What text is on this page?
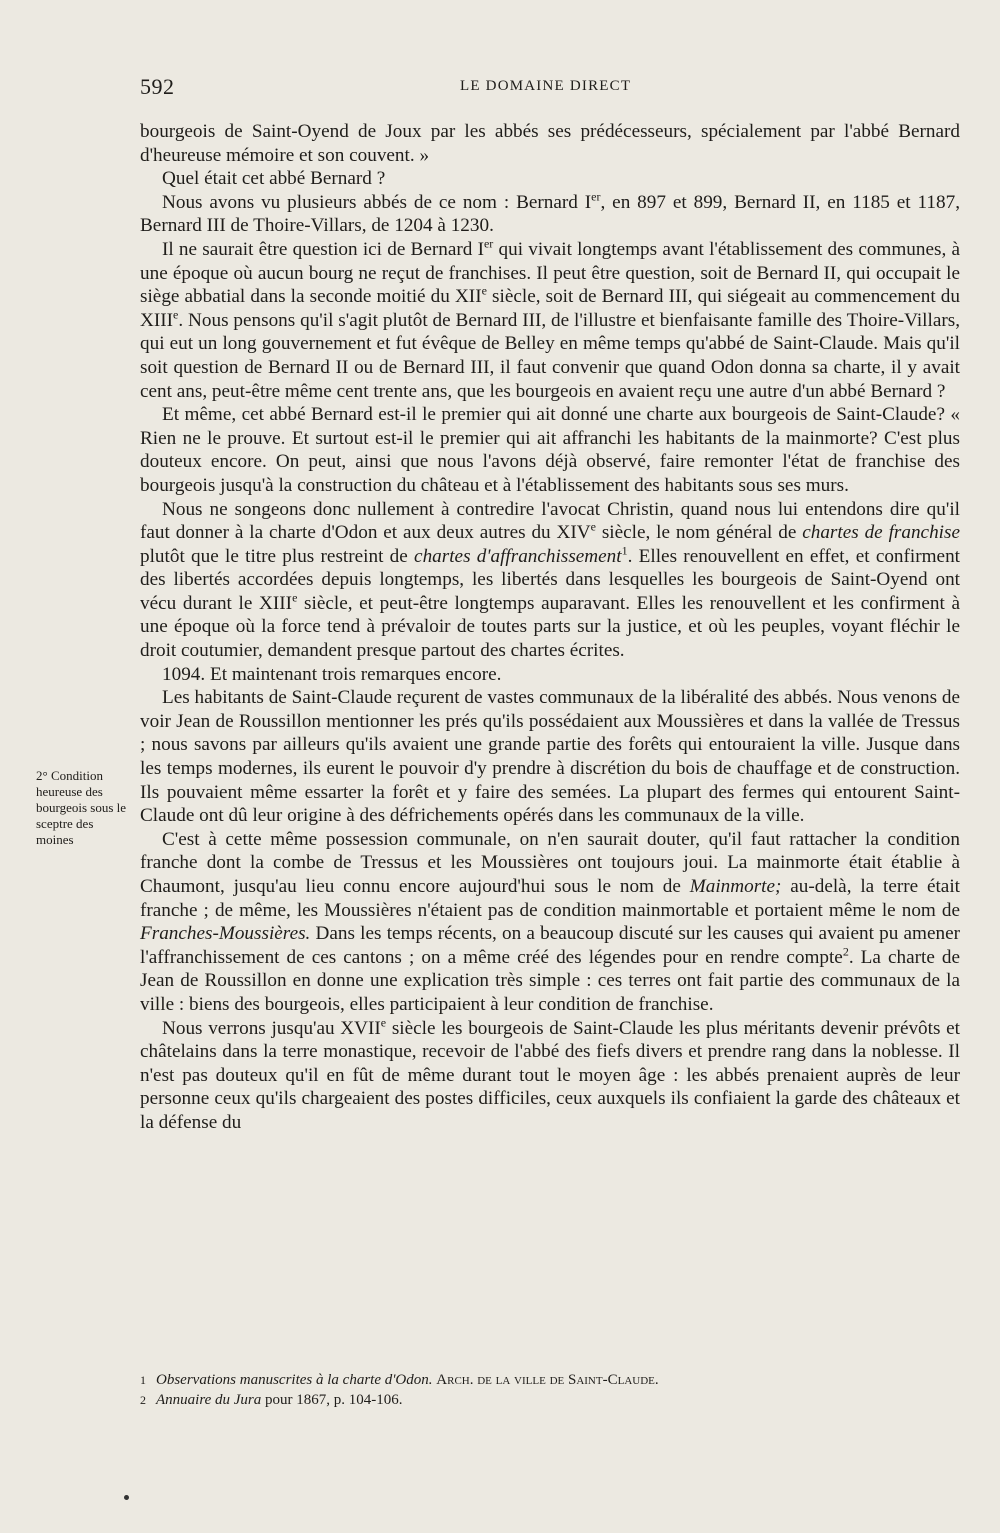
592	LE DOMAINE DIRECT

bourgeois de Saint-Oyend de Joux par les abbés ses prédécesseurs, spécialement par l'abbé Bernard d'heureuse mémoire et son couvent. »

Quel était cet abbé Bernard ?

Nous avons vu plusieurs abbés de ce nom : Bernard Ier, en 897 et 899, Bernard II, en 1185 et 1187, Bernard III de Thoire-Villars, de 1204 à 1230.

Il ne saurait être question ici de Bernard Ier qui vivait longtemps avant l'établissement des communes, à une époque où aucun bourg ne reçut de franchises. Il peut être question, soit de Bernard II, qui occupait le siège abbatial dans la seconde moitié du XIIe siècle, soit de Bernard III, qui siégeait au commencement du XIIIe. Nous pensons qu'il s'agit plutôt de Bernard III, de l'illustre et bienfaisante famille des Thoire-Villars, qui eut un long gouvernement et fut évêque de Belley en même temps qu'abbé de Saint-Claude. Mais qu'il soit question de Bernard II ou de Bernard III, il faut convenir que quand Odon donna sa charte, il y avait cent ans, peut-être même cent trente ans, que les bourgeois en avaient reçu une autre d'un abbé Bernard ?

Et même, cet abbé Bernard est-il le premier qui ait donné une charte aux bourgeois de Saint-Claude? « Rien ne le prouve. Et surtout est-il le premier qui ait affranchi les habitants de la mainmorte? C'est plus douteux encore. On peut, ainsi que nous l'avons déjà observé, faire remonter l'état de franchise des bourgeois jusqu'à la construction du château et à l'établissement des habitants sous ses murs.

Nous ne songeons donc nullement à contredire l'avocat Christin, quand nous lui entendons dire qu'il faut donner à la charte d'Odon et aux deux autres du XIVe siècle, le nom général de chartes de franchise plutôt que le titre plus restreint de chartes d'affranchissement$^1$. Elles renouvellent en effet, et confirment des libertés accordées depuis longtemps, les libertés dans lesquelles les bourgeois de Saint-Oyend ont vécu durant le XIIIe siècle, et peut-être longtemps auparavant. Elles les renouvellent et les confirment à une époque où la force tend à prévaloir de toutes parts sur la justice, et où les peuples, voyant fléchir le droit coutumier, demandent presque partout des chartes écrites.

1094. Et maintenant trois remarques encore.

Les habitants de Saint-Claude reçurent de vastes communaux de la libéralité des abbés. Nous venons de voir Jean de Roussillon mentionner les prés qu'ils possédaient aux Moussières et dans la vallée de Tressus ; nous savons par ailleurs qu'ils avaient une grande partie des forêts qui entouraient la ville. Jusque dans les temps modernes, ils eurent le pouvoir d'y prendre à discrétion du bois de chauffage et de construction. Ils pouvaient même essarter la forêt et y faire des semées. La plupart des fermes qui entourent Saint-Claude ont dû leur origine à des défrichements opérés dans les communaux de la ville.

C'est à cette même possession communale, on n'en saurait douter, qu'il faut rattacher la condition franche dont la combe de Tressus et les Moussières ont toujours joui. La mainmorte était établie à Chaumont, jusqu'au lieu connu encore aujourd'hui sous le nom de Mainmorte; au-delà, la terre était franche ; de même, les Moussières n'étaient pas de condition mainmortable et portaient même le nom de Franches-Moussières. Dans les temps récents, on a beaucoup discuté sur les causes qui avaient pu amener l'affranchissement de ces cantons ; on a même créé des légendes pour en rendre compte$^2$. La charte de Jean de Roussillon en donne une explication très simple : ces terres ont fait partie des communaux de la ville : biens des bourgeois, elles participaient à leur condition de franchise.

Nous verrons jusqu'au XVIIe siècle les bourgeois de Saint-Claude les plus méritants devenir prévôts et châtelains dans la terre monastique, recevoir de l'abbé des fiefs divers et prendre rang dans la noblesse. Il n'est pas douteux qu'il en fût de même durant tout le moyen âge : les abbés prenaient auprès de leur personne ceux qu'ils chargeaient des postes difficiles, ceux auxquels ils confiaient la garde des châteaux et la défense du

2° Condition heureuse des bourgeois sous le sceptre des moines
1 Observations manuscrites à la charte d'Odon. Arch. de la ville de Saint-Claude.
2 Annuaire du Jura pour 1867, p. 104-106.
